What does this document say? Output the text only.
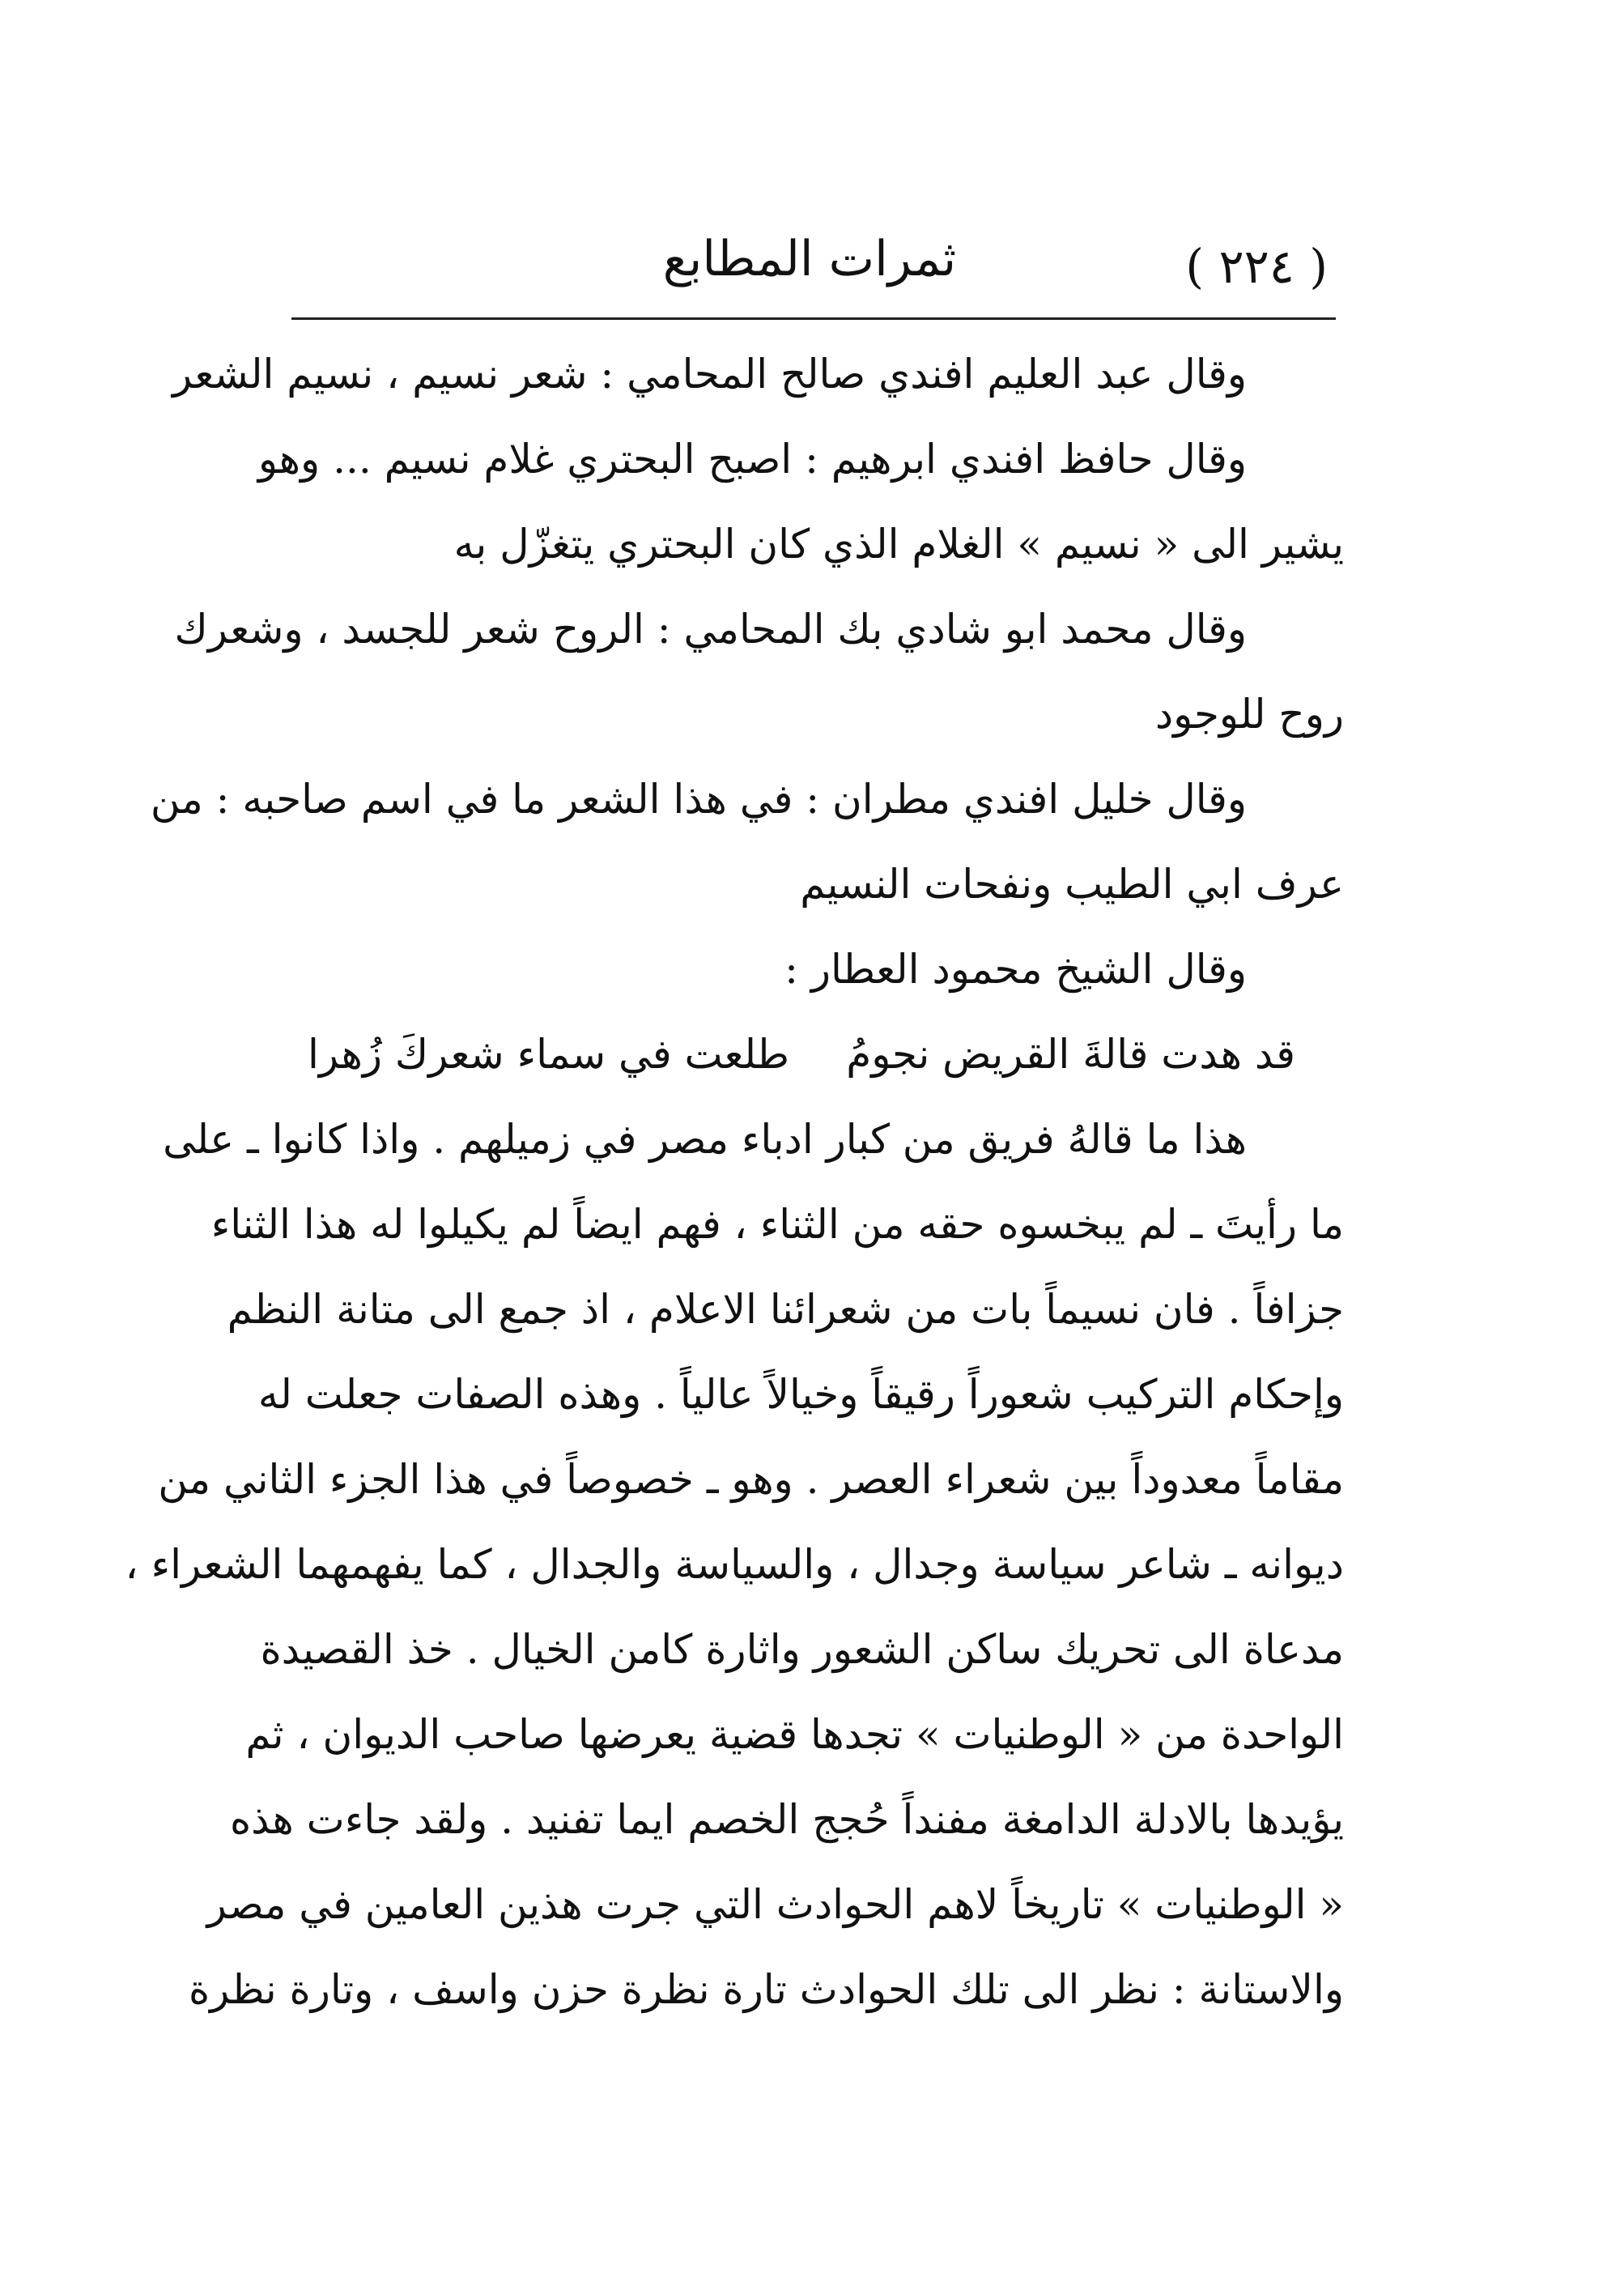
( ٢٢٤ )
ثمرات المطابع
وقال عبد العليم افندي صالح المحامي : شعر نسيم ، نسيم الشعر
وقال حافظ افندي ابرهيم : اصبح البحتري غلام نسيم ... وهو
يشير الى « نسيم » الغلام الذي كان البحتري يتغزّل به
وقال محمد ابو شادي بك المحامي : الروح شعر للجسد ، وشعرك
روح للوجود
وقال خليل افندي مطران : في هذا الشعر ما في اسم صاحبه : من
عرف ابي الطيب ونفحات النسيم
وقال الشيخ محمود العطار :
قد هدت قالةَ القريض نجومُ
طلعت في سماء شعركَ زُهرا
هذا ما قالهُ فريق من كبار ادباء مصر في زميلهم . واذا كانوا ـ على
ما رأيتَ ـ لم يبخسوه حقه من الثناء ، فهم ايضاً لم يكيلوا له هذا الثناء
جزافاً . فان نسيماً بات من شعرائنا الاعلام ، اذ جمع الى متانة النظم
وإحكام التركيب شعوراً رقيقاً وخيالاً عالياً . وهذه الصفات جعلت له
مقاماً معدوداً بين شعراء العصر . وهو ـ خصوصاً في هذا الجزء الثاني من
ديوانه ـ شاعر سياسة وجدال ، والسياسة والجدال ، كما يفهمهما الشعراء ،
مدعاة الى تحريك ساكن الشعور واثارة كامن الخيال . خذ القصيدة
الواحدة من « الوطنيات » تجدها قضية يعرضها صاحب الديوان ، ثم
يؤيدها بالادلة الدامغة مفنداً حُجج الخصم ايما تفنيد . ولقد جاءت هذه
« الوطنيات » تاريخاً لاهم الحوادث التي جرت هذين العامين في مصر
والاستانة : نظر الى تلك الحوادث تارة نظرة حزن واسف ، وتارة نظرة
